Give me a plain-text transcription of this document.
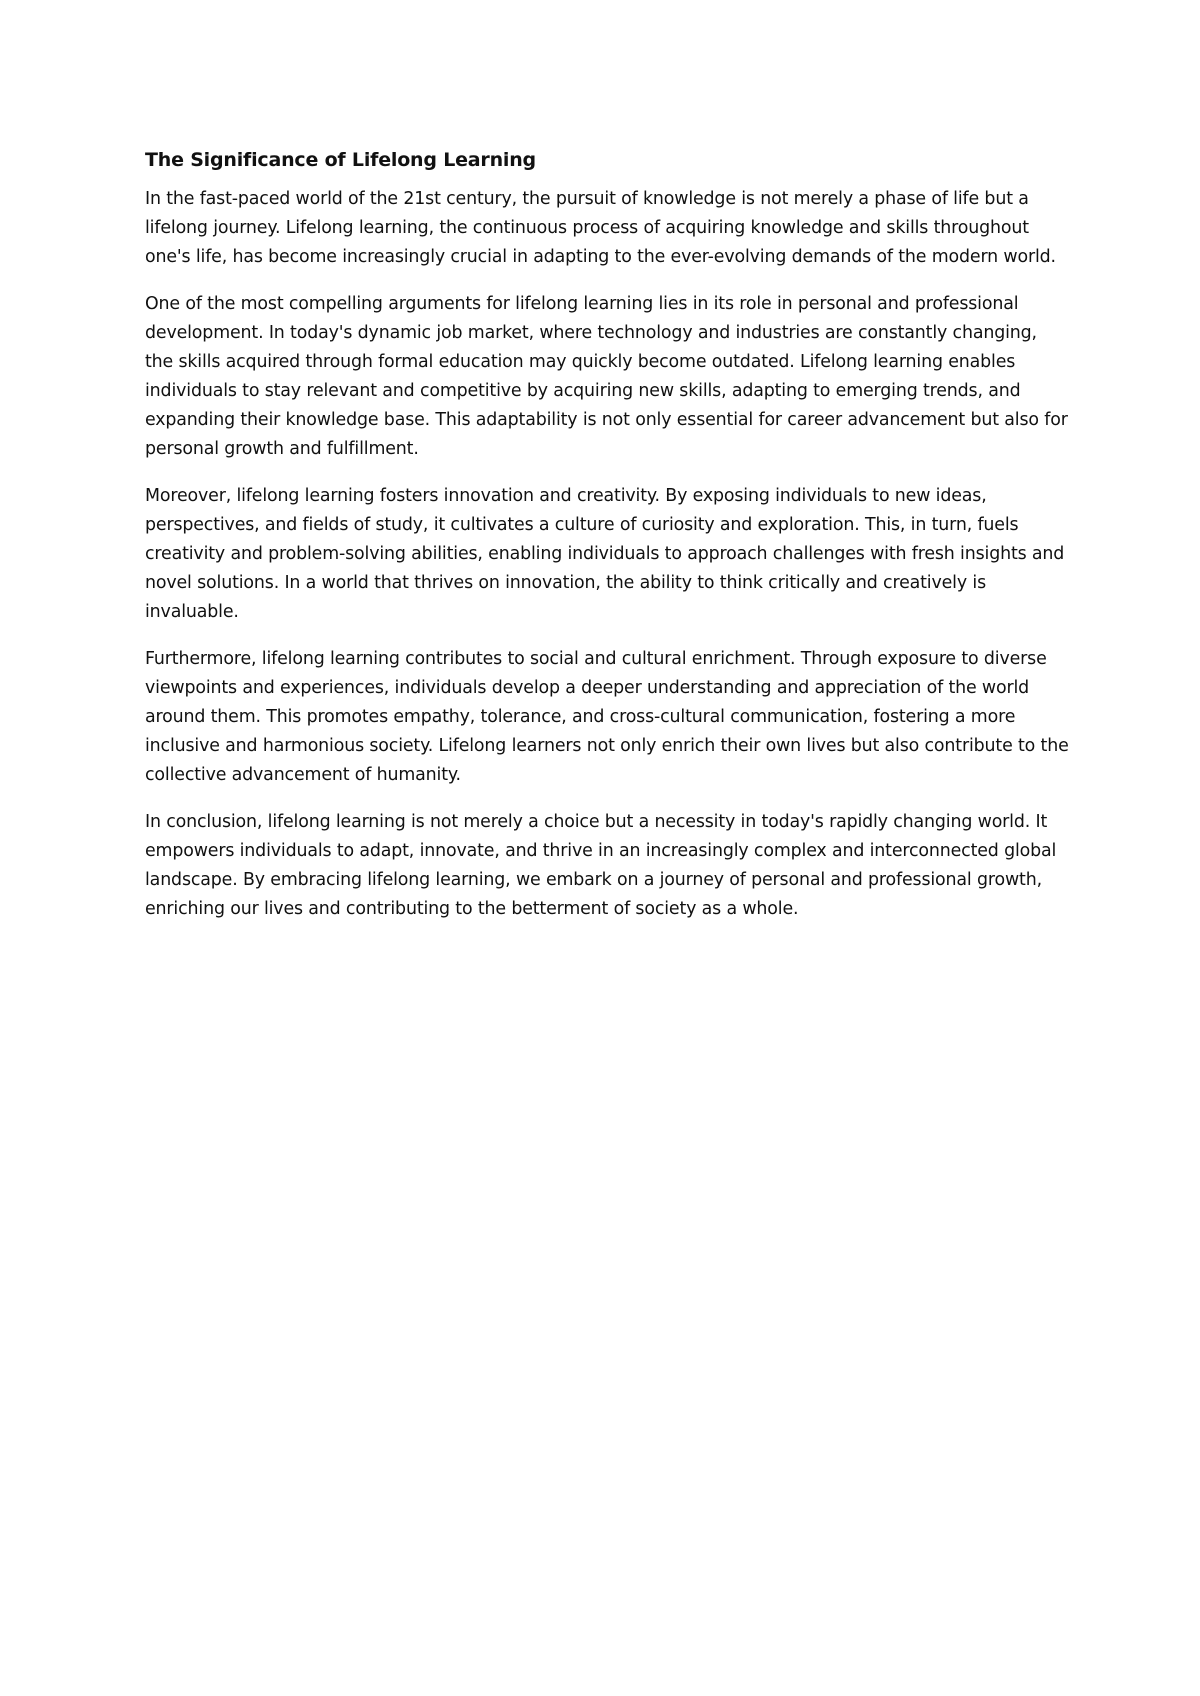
The Significance of Lifelong Learning

In the fast-paced world of the 21st century, the pursuit of knowledge is not merely a phase of life but a lifelong journey. Lifelong learning, the continuous process of acquiring knowledge and skills throughout one's life, has become increasingly crucial in adapting to the ever-evolving demands of the modern world.

One of the most compelling arguments for lifelong learning lies in its role in personal and professional development. In today's dynamic job market, where technology and industries are constantly changing, the skills acquired through formal education may quickly become outdated. Lifelong learning enables individuals to stay relevant and competitive by acquiring new skills, adapting to emerging trends, and expanding their knowledge base. This adaptability is not only essential for career advancement but also for personal growth and fulfillment.

Moreover, lifelong learning fosters innovation and creativity. By exposing individuals to new ideas, perspectives, and fields of study, it cultivates a culture of curiosity and exploration. This, in turn, fuels creativity and problem-solving abilities, enabling individuals to approach challenges with fresh insights and novel solutions. In a world that thrives on innovation, the ability to think critically and creatively is invaluable.

Furthermore, lifelong learning contributes to social and cultural enrichment. Through exposure to diverse viewpoints and experiences, individuals develop a deeper understanding and appreciation of the world around them. This promotes empathy, tolerance, and cross-cultural communication, fostering a more inclusive and harmonious society. Lifelong learners not only enrich their own lives but also contribute to the collective advancement of humanity.

In conclusion, lifelong learning is not merely a choice but a necessity in today's rapidly changing world. It empowers individuals to adapt, innovate, and thrive in an increasingly complex and interconnected global landscape. By embracing lifelong learning, we embark on a journey of personal and professional growth, enriching our lives and contributing to the betterment of society as a whole.
